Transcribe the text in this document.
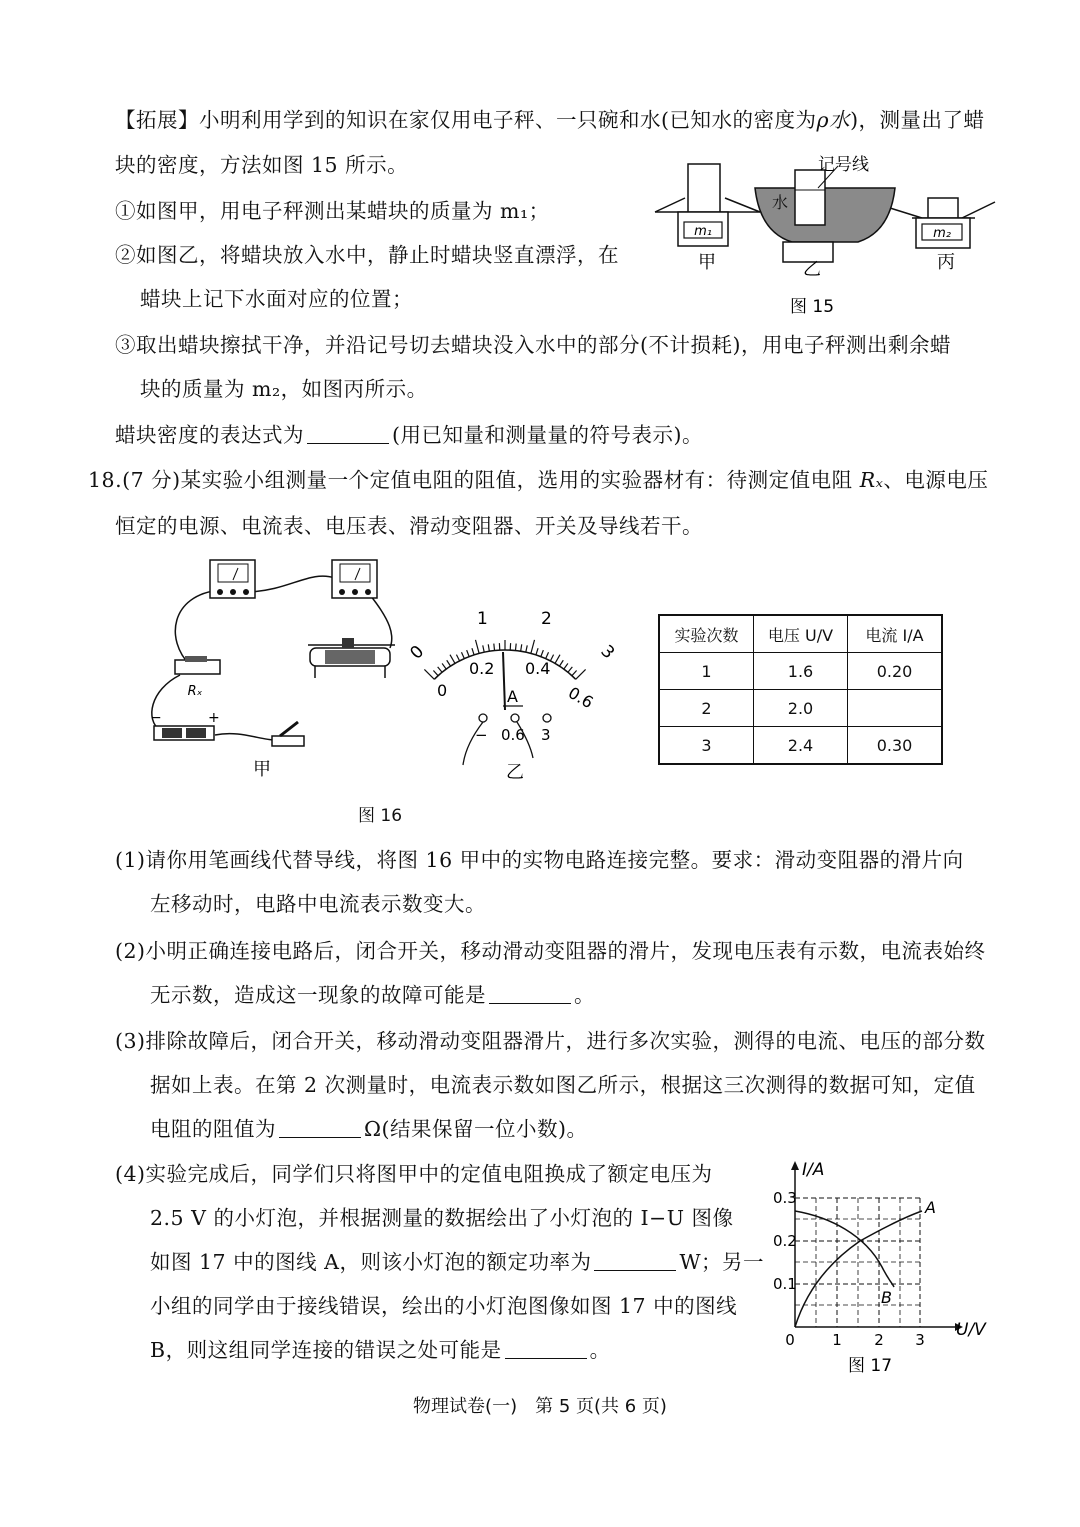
【拓展】小明利用学到的知识在家仅用电子秤、一只碗和水(已知水的密度为ρ水)，测量出了蜡
块的密度，方法如图 15 所示。
①如图甲，用电子秤测出某蜡块的质量为 m₁；
②如图乙，将蜡块放入水中，静止时蜡块竖直漂浮，在
蜡块上记下水面对应的位置；
③取出蜡块擦拭干净，并沿记号切去蜡块没入水中的部分(不计损耗)，用电子秤测出剩余蜡
块的质量为 m₂，如图丙所示。
蜡块密度的表达式为	(用已知量和测量量的符号表示)。
m₁
水
记号线
m₂
甲	乙	丙
图 15
18.(7 分)某实验小组测量一个定值电阻的阻值，选用的实验器材有：待测定值电阻 Rₓ、电源电压
恒定的电源、电流表、电压表、滑动变阻器、开关及导线若干。
Rₓ
−	+
甲
0
1	2
3
0
0.2 0.4
0.6
A
− 0.6 3
乙
图 16
实验次数	电压 U/V	电流 I/A
1	1.6	0.20
2	2.0	
3	2.4	0.30
(1)请你用笔画线代替导线，将图 16 甲中的实物电路连接完整。要求：滑动变阻器的滑片向
左移动时，电路中电流表示数变大。
(2)小明正确连接电路后，闭合开关，移动滑动变阻器的滑片，发现电压表有示数，电流表始终
无示数，造成这一现象的故障可能是	。
(3)排除故障后，闭合开关，移动滑动变阻器滑片，进行多次实验，测得的电流、电压的部分数
据如上表。在第 2 次测量时，电流表示数如图乙所示，根据这三次测得的数据可知，定值
电阻的阻值为	Ω(结果保留一位小数)。
(4)实验完成后，同学们只将图甲中的定值电阻换成了额定电压为
2.5 V 的小灯泡，并根据测量的数据绘出了小灯泡的 I−U 图像
如图 17 中的图线 A，则该小灯泡的额定功率为	W；另一
小组的同学由于接线错误，绘出的小灯泡图像如图 17 中的图线
B，则这组同学连接的错误之处可能是	。
I/A
U/V
0.3
0.2
0.1
0 1 2 3
A
B
图 17
物理试卷(一)　第 5 页(共 6 页)
